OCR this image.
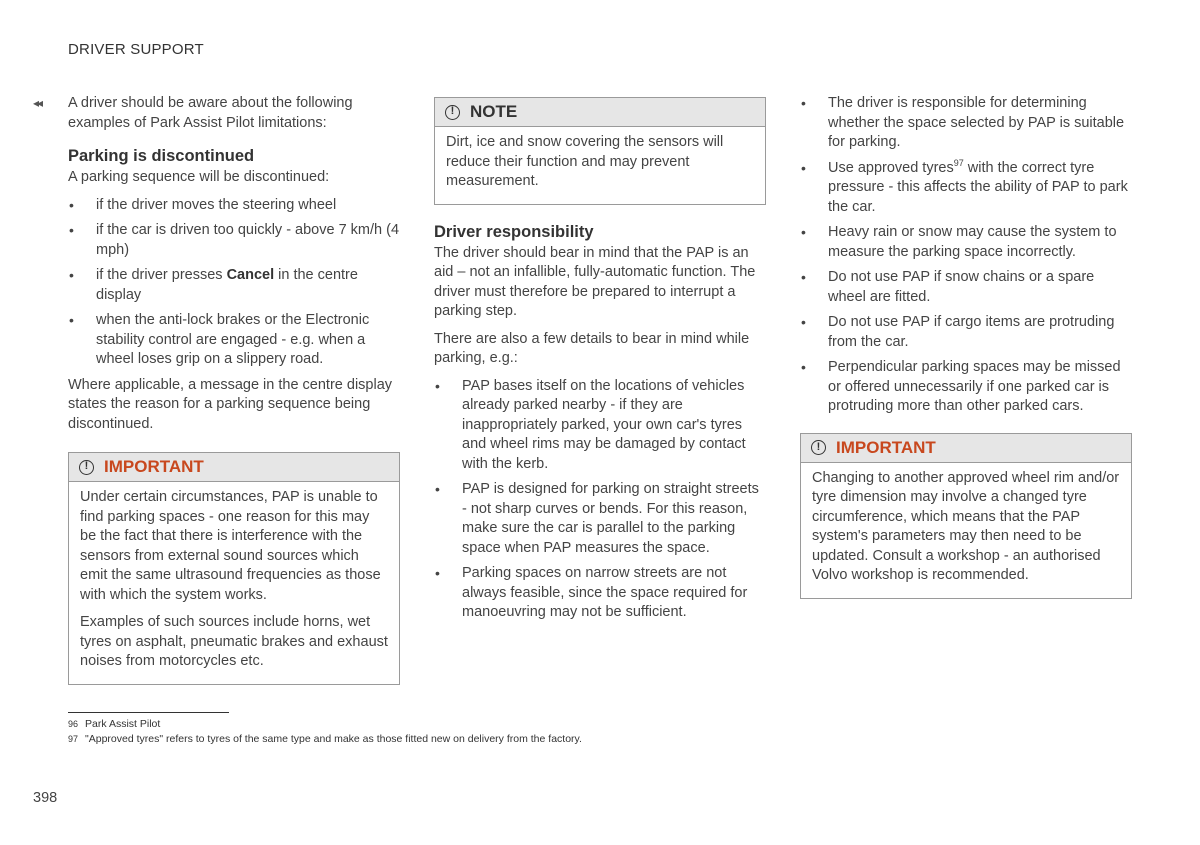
DRIVER SUPPORT
◂◂ A driver should be aware about the following examples of Park Assist Pilot limitations:

Parking is discontinued

A parking sequence will be discontinued:

• if the driver moves the steering wheel
• if the car is driven too quickly - above 7 km/h (4 mph)
• if the driver presses Cancel in the centre display
• when the anti-lock brakes or the Electronic stability control are engaged - e.g. when a wheel loses grip on a slippery road.

Where applicable, a message in the centre display states the reason for a parking sequence being discontinued.

! IMPORTANT

Under certain circumstances, PAP is unable to find parking spaces - one reason for this may be the fact that there is interference with the sensors from external sound sources which emit the same ultrasound frequencies as those with which the system works.

Examples of such sources include horns, wet tyres on asphalt, pneumatic brakes and exhaust noises from motorcycles etc.

! NOTE

Dirt, ice and snow covering the sensors will reduce their function and may prevent measurement.

Driver responsibility

The driver should bear in mind that the PAP is an aid – not an infallible, fully-automatic function. The driver must therefore be prepared to interrupt a parking step.

There are also a few details to bear in mind while parking, e.g.:

• PAP bases itself on the locations of vehicles already parked nearby - if they are inappropriately parked, your own car's tyres and wheel rims may be damaged by contact with the kerb.
• PAP is designed for parking on straight streets - not sharp curves or bends. For this reason, make sure the car is parallel to the parking space when PAP measures the space.
• Parking spaces on narrow streets are not always feasible, since the space required for manoeuvring may not be sufficient.
• The driver is responsible for determining whether the space selected by PAP is suitable for parking.
• Use approved tyres$^{97}$ with the correct tyre pressure - this affects the ability of PAP to park the car.
• Heavy rain or snow may cause the system to measure the parking space incorrectly.
• Do not use PAP if snow chains or a spare wheel are fitted.
• Do not use PAP if cargo items are protruding from the car.
• Perpendicular parking spaces may be missed or offered unnecessarily if one parked car is protruding more than other parked cars.
! IMPORTANT

Changing to another approved wheel rim and/or tyre dimension may involve a changed tyre circumference, which means that the PAP system's parameters may then need to be updated. Consult a workshop - an authorised Volvo workshop is recommended.

96 Park Assist Pilot
97 "Approved tyres" refers to tyres of the same type and make as those fitted new on delivery from the factory.
398
